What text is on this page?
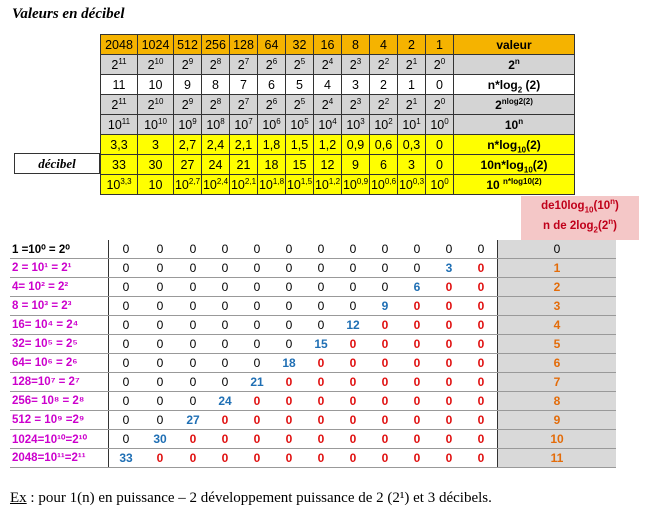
Valeurs en décibel
2048	1024	512	256	128	64	32	16	8	4	2	1	valeur
$2^{11}$	$2^{10}$	$2^9$	$2^8$	$2^7$	$2^6$	$2^5$	$2^4$	$2^3$	$2^2$	$2^1$	$2^0$	2$^n$
11	10	9	8	7	6	5	4	3	2	1	0	$n*\log_2$ (2)
$2^{11}$	$2^{10}$	$2^9$	$2^8$	$2^7$	$2^6$	$2^5$	$2^4$	$2^3$	$2^2$	$2^1$	$2^0$	$2^{nlog2(2)}$
$10^{11}$	$10^{10}$	$10^9$	$10^8$	$10^7$	$10^6$	$10^5$	$10^4$	$10^3$	$10^2$	$10^1$	$10^0$	10$^n$
3,3	3	2,7	2,4	2,1	1,8	1,5	1,2	0,9	0,6	0,3	0	$n*\log_{10}(2)$
33	30	27	24	21	18	15	12	9	6	3	0	$10n*\log_{10}(2)$
10$^{3,3}$	10	10$^{2,7}$	10$^{2,4}$	10$^{2,1}$	10$^{1,8}$	10$^{1,5}$	10$^{1,2}$	10$^{0,9}$	10$^{0,6}$	10$^{0,3}$	$10^0$	10 $^{n*log10(2)}$
décibel
$de10\log_{10}(10^n)$
n de $2\log_2(2^n)$
1 =10⁰ = 2⁰	0	0	0	0	0	0	0	0	0	0	0	0	0
2 = 10¹ = 2¹	0	0	0	0	0	0	0	0	0	0	3	0	1
4= 10² = 2²	0	0	0	0	0	0	0	0	0	6	0	0	2
8 = 10³ = 2³	0	0	0	0	0	0	0	0	9	0	0	0	3
16= 10⁴ = 2⁴	0	0	0	0	0	0	0	12	0	0	0	0	4
32= 10⁵ = 2⁵	0	0	0	0	0	0	15	0	0	0	0	0	5
64= 10⁶ = 2⁶	0	0	0	0	0	18	0	0	0	0	0	0	6
128=10⁷ = 2⁷	0	0	0	0	21	0	0	0	0	0	0	0	7
256= 10⁸ = 2⁸	0	0	0	24	0	0	0	0	0	0	0	0	8
512 = 10⁹ =2⁹	0	0	27	0	0	0	0	0	0	0	0	0	9
1024=10¹⁰=2¹⁰	0	30	0	0	0	0	0	0	0	0	0	0	10
2048=10¹¹=2¹¹	33	0	0	0	0	0	0	0	0	0	0	0	11
Ex : pour 1(n) en puissance – 2 développement puissance de 2 (2¹) et 3 décibels.
